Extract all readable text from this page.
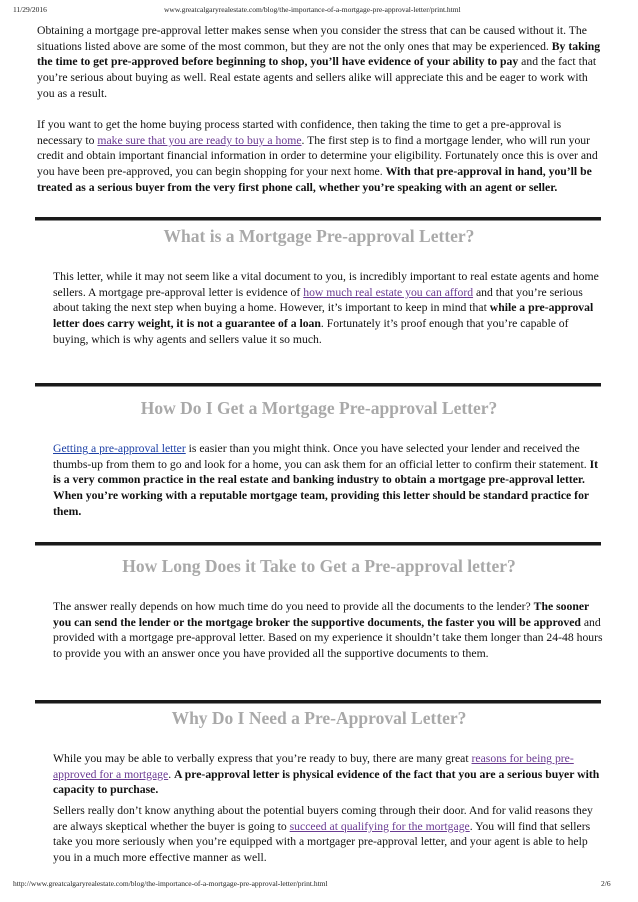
11/29/2016	www.greatcalgaryrealestate.com/blog/the-importance-of-a-mortgage-pre-approval-letter/print.html

Obtaining a mortgage pre-approval letter makes sense when you consider the stress that can be caused without it. The situations listed above are some of the most common, but they are not the only ones that may be experienced. By taking the time to get pre-approved before beginning to shop, you’ll have evidence of your ability to pay and the fact that you’re serious about buying as well. Real estate agents and sellers alike will appreciate this and be eager to work with you as a result.

If you want to get the home buying process started with confidence, then taking the time to get a pre-approval is necessary to make sure that you are ready to buy a home. The first step is to find a mortgage lender, who will run your credit and obtain important financial information in order to determine your eligibility. Fortunately once this is over and you have been pre-approved, you can begin shopping for your next home. With that pre-approval in hand, you’ll be treated as a serious buyer from the very first phone call, whether you’re speaking with an agent or seller.

What is a Mortgage Pre-approval Letter?

This letter, while it may not seem like a vital document to you, is incredibly important to real estate agents and home sellers. A mortgage pre-approval letter is evidence of how much real estate you can afford and that you’re serious about taking the next step when buying a home. However, it’s important to keep in mind that while a pre-approval letter does carry weight, it is not a guarantee of a loan. Fortunately it’s proof enough that you’re capable of buying, which is why agents and sellers value it so much.

How Do I Get a Mortgage Pre-approval Letter?

Getting a pre-approval letter is easier than you might think. Once you have selected your lender and received the thumbs-up from them to go and look for a home, you can ask them for an official letter to confirm their statement. It is a very common practice in the real estate and banking industry to obtain a mortgage pre-approval letter. When you’re working with a reputable mortgage team, providing this letter should be standard practice for them.

How Long Does it Take to Get a Pre-approval letter?

The answer really depends on how much time do you need to provide all the documents to the lender? The sooner you can send the lender or the mortgage broker the supportive documents, the faster you will be approved and provided with a mortgage pre-approval letter. Based on my experience it shouldn’t take them longer than 24-48 hours to provide you with an answer once you have provided all the supportive documents to them.

Why Do I Need a Pre-Approval Letter?

While you may be able to verbally express that you’re ready to buy, there are many great reasons for being pre-approved for a mortgage. A pre-approval letter is physical evidence of the fact that you are a serious buyer with capacity to purchase.

Sellers really don’t know anything about the potential buyers coming through their door. And for valid reasons they are always skeptical whether the buyer is going to succeed at qualifying for the mortgage. You will find that sellers take you more seriously when you’re equipped with a mortgager pre-approval letter, and your agent is able to help you in a much more effective manner as well.

http://www.greatcalgaryrealestate.com/blog/the-importance-of-a-mortgage-pre-approval-letter/print.html	2/6
